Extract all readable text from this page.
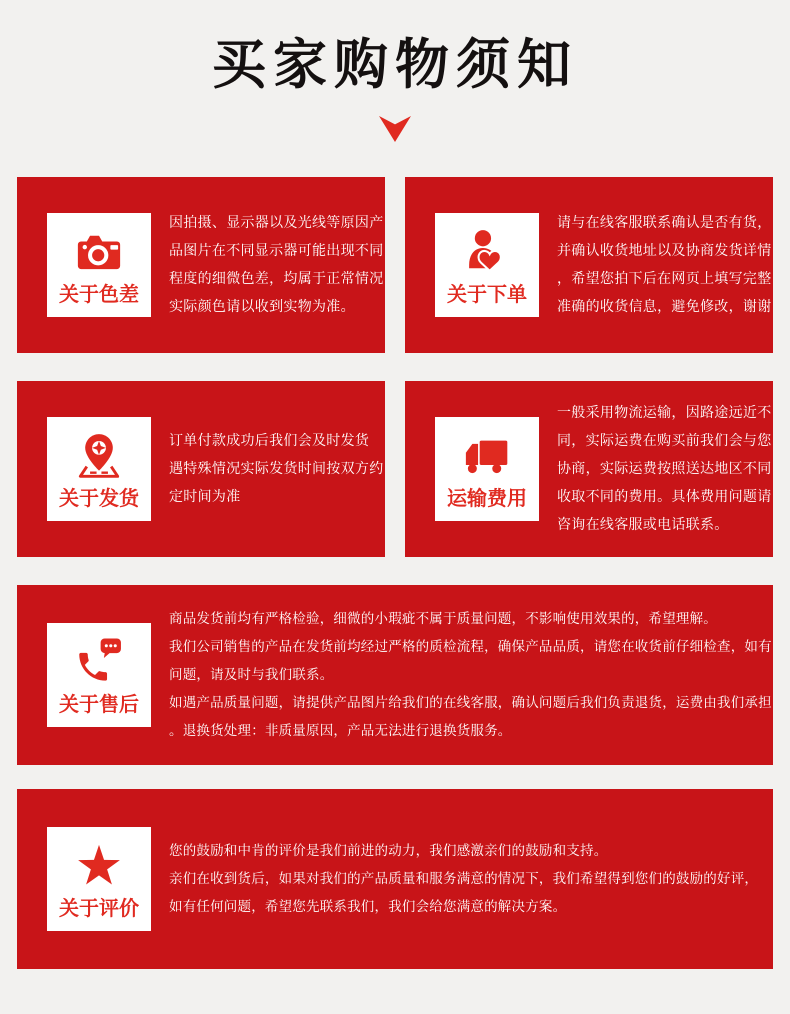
买家购物须知
关于色差
因拍摄、显示器以及光线等原因产
品图片在不同显示器可能出现不同
程度的细微色差，均属于正常情况
实际颜色请以收到实物为准。
关于下单
请与在线客服联系确认是否有货，
并确认收货地址以及协商发货详情
，希望您拍下后在网页上填写完整
准确的收货信息，避免修改，谢谢
关于发货
订单付款成功后我们会及时发货
遇特殊情况实际发货时间按双方约
定时间为准	运输费用
一般采用物流运输，因路途远近不
同，实际运费在购买前我们会与您
协商，实际运费按照送达地区不同
收取不同的费用。具体费用问题请
咨询在线客服或电话联系。
关于售后
商品发货前均有严格检验，细微的小瑕疵不属于质量问题，不影响使用效果的，希望理解。
我们公司销售的产品在发货前均经过严格的质检流程，确保产品品质，请您在收货前仔细检查，如有
问题，请及时与我们联系。
如遇产品质量问题，请提供产品图片给我们的在线客服，确认问题后我们负责退货，运费由我们承担
。退换货处理：非质量原因，产品无法进行退换货服务。
关于评价
您的鼓励和中肯的评价是我们前进的动力，我们感激亲们的鼓励和支持。
亲们在收到货后，如果对我们的产品质量和服务满意的情况下，我们希望得到您们的鼓励的好评，
如有任何问题，希望您先联系我们，我们会给您满意的解决方案。
